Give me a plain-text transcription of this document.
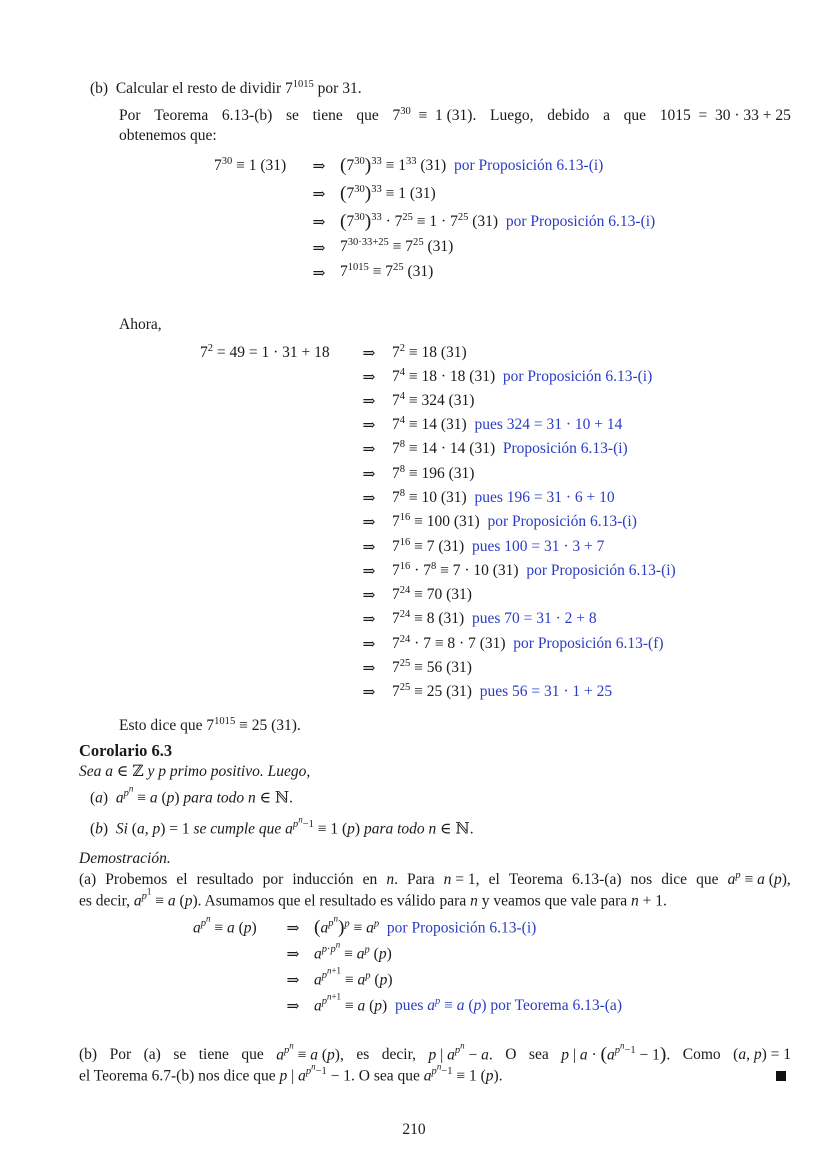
(b)  Calcular el resto de dividir $7^{1015}$ por 31.
Por Teorema 6.13-(b) se tiene que $7^{30} \equiv 1$ (31). Luego, debido a que 1015  =  30 · 33 + 25
obtenemos que:
$7^{30} \equiv 1$ (31)	⇒ $(7^{30})^{33} \equiv 1^{33}$ (31)  por Proposición 6.13-(i)
⇒ $(7^{30})^{33} \equiv 1$ (31)
⇒ $(7^{30})^{33} \cdot 7^{25} \equiv 1 \cdot 7^{25}$ (31)  por Proposición 6.13-(i)
⇒ $7^{30\cdot 33+25} \equiv 7^{25}$ (31)
⇒ $7^{1015} \equiv 7^{25}$ (31)
Ahora,
$7^2 = 49 = 1 \cdot 31 + 18$	⇒	$7^2 \equiv 18$ (31)
⇒	$7^4 \equiv 18 \cdot 18$ (31)  por Proposición 6.13-(i)
⇒	$7^4 \equiv 324$ (31)
⇒	$7^4 \equiv 14$ (31)  pues 324 = 31 · 10 + 14
⇒	$7^8 \equiv 14 \cdot 14$ (31)  Proposición 6.13-(i)
⇒	$7^8 \equiv 196$ (31)
⇒	$7^8 \equiv 10$ (31)  pues 196 = 31 · 6 + 10
⇒	$7^{16} \equiv 100$ (31)  por Proposición 6.13-(i)
⇒	$7^{16} \equiv 7$ (31)  pues 100 = 31 · 3 + 7
⇒	$7^{16} \cdot 7^8 \equiv 7 \cdot 10$ (31)  por Proposición 6.13-(i)
⇒	$7^{24} \equiv 70$ (31)
⇒	$7^{24} \equiv 8$ (31)  pues 70 = 31 · 2 + 8
⇒	$7^{24} \cdot 7 \equiv 8 \cdot 7$ (31)  por Proposición 6.13-(f)
⇒	$7^{25} \equiv 56$ (31)
⇒	$7^{25} \equiv 25$ (31)  pues 56 = 31 · 1 + 25
Esto dice que $7^{1015} \equiv 25$ (31).
Corolario 6.3
Sea a ∈ ℤ y p primo positivo. Luego,
(a)  $a^{p^n} \equiv a$ (p) para todo n ∈ ℕ.
(b)  Si (a, p) = 1 se cumple que $a^{p^n-1} \equiv 1$ (p) para todo n ∈ ℕ.
Demostración.
(a) Probemos el resultado por inducción en n. Para n = 1, el Teorema 6.13-(a) nos dice que $a^p \equiv a$ (p),
es decir, $a^{p^1} \equiv a$ (p). Asumamos que el resultado es válido para n y veamos que vale para n + 1.
$a^{p^n} \equiv a$ (p)	⇒ $(a^{p^n})^p \equiv a^p$  por Proposición 6.13-(i)
⇒ $a^{p\cdot p^n} \equiv a^p$ (p)
⇒ $a^{p^{n+1}} \equiv a^p$ (p)
⇒ $a^{p^{n+1}} \equiv a$ (p)  pues $a^p \equiv a$ (p) por Teorema 6.13-(a)
(b) Por (a) se tiene que $a^{p^n} \equiv a$ (p), es decir, p | $a^{p^n} - a$. O sea p | $a \cdot (a^{p^n-1} - 1)$. Como (a, p) = 1
el Teorema 6.7-(b) nos dice que p | $a^{p^n-1} - 1$. O sea que $a^{p^n-1} \equiv 1$ (p).
210
